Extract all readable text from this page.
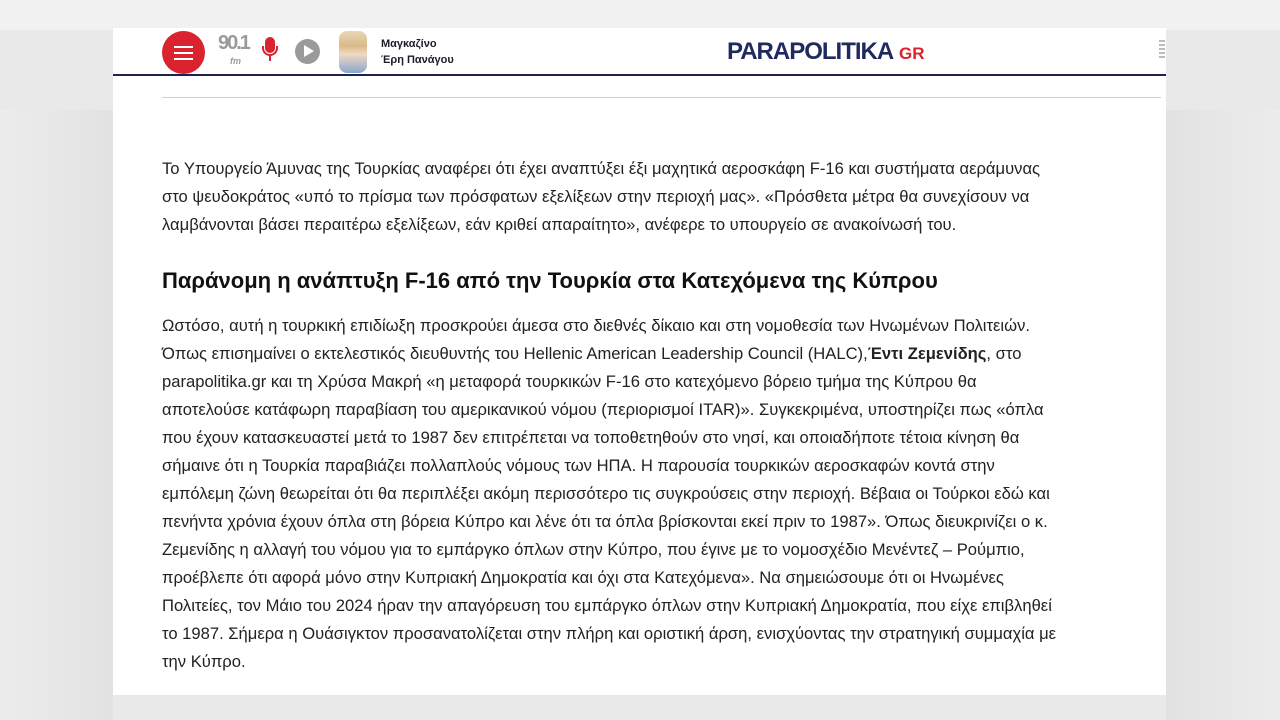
90.1
fm
Μαγκαζίνο
Έρη Πανάγου	PARAPOLITIKA GR
Το Υπουργείο Άμυνας της Τουρκίας αναφέρει ότι έχει αναπτύξει έξι μαχητικά αεροσκάφη F-16 και συστήματα αεράμυνας
στο ψευδοκράτος «υπό το πρίσμα των πρόσφατων εξελίξεων στην περιοχή μας». «Πρόσθετα μέτρα θα συνεχίσουν να
λαμβάνονται βάσει περαιτέρω εξελίξεων, εάν κριθεί απαραίτητο», ανέφερε το υπουργείο σε ανακοίνωσή του.
Παράνομη η ανάπτυξη F-16 από την Τουρκία στα Κατεχόμενα της Κύπρου
Ωστόσο, αυτή η τουρκική επιδίωξη προσκρούει άμεσα στο διεθνές δίκαιο και στη νομοθεσία των Ηνωμένων Πολιτειών.
Όπως επισημαίνει ο εκτελεστικός διευθυντής του Hellenic American Leadership Council (HALC),Έντι Ζεμενίδης, στο
parapolitika.gr και τη Χρύσα Μακρή «η μεταφορά τουρκικών F-16 στο κατεχόμενο βόρειο τμήμα της Κύπρου θα
αποτελούσε κατάφωρη παραβίαση του αμερικανικού νόμου (περιορισμοί ITAR)». Συγκεκριμένα, υποστηρίζει πως «όπλα
που έχουν κατασκευαστεί μετά το 1987 δεν επιτρέπεται να τοποθετηθούν στο νησί, και οποιαδήποτε τέτοια κίνηση θα
σήμαινε ότι η Τουρκία παραβιάζει πολλαπλούς νόμους των ΗΠΑ. Η παρουσία τουρκικών αεροσκαφών κοντά στην
εμπόλεμη ζώνη θεωρείται ότι θα περιπλέξει ακόμη περισσότερο τις συγκρούσεις στην περιοχή. Βέβαια οι Τούρκοι εδώ και
πενήντα χρόνια έχουν όπλα στη βόρεια Κύπρο και λένε ότι τα όπλα βρίσκονται εκεί πριν το 1987». Όπως διευκρινίζει ο κ.
Ζεμενίδης η αλλαγή του νόμου για το εμπάργκο όπλων στην Κύπρο, που έγινε με το νομοσχέδιο Μενέντεζ – Ρούμπιο,
προέβλεπε ότι αφορά μόνο στην Κυπριακή Δημοκρατία και όχι στα Κατεχόμενα». Να σημειώσουμε ότι οι Ηνωμένες
Πολιτείες, τον Μάιο του 2024 ήραν την απαγόρευση του εμπάργκο όπλων στην Κυπριακή Δημοκρατία, που είχε επιβληθεί
το 1987. Σήμερα η Ουάσιγκτον προσανατολίζεται στην πλήρη και οριστική άρση, ενισχύοντας την στρατηγική συμμαχία με
την Κύπρο.
